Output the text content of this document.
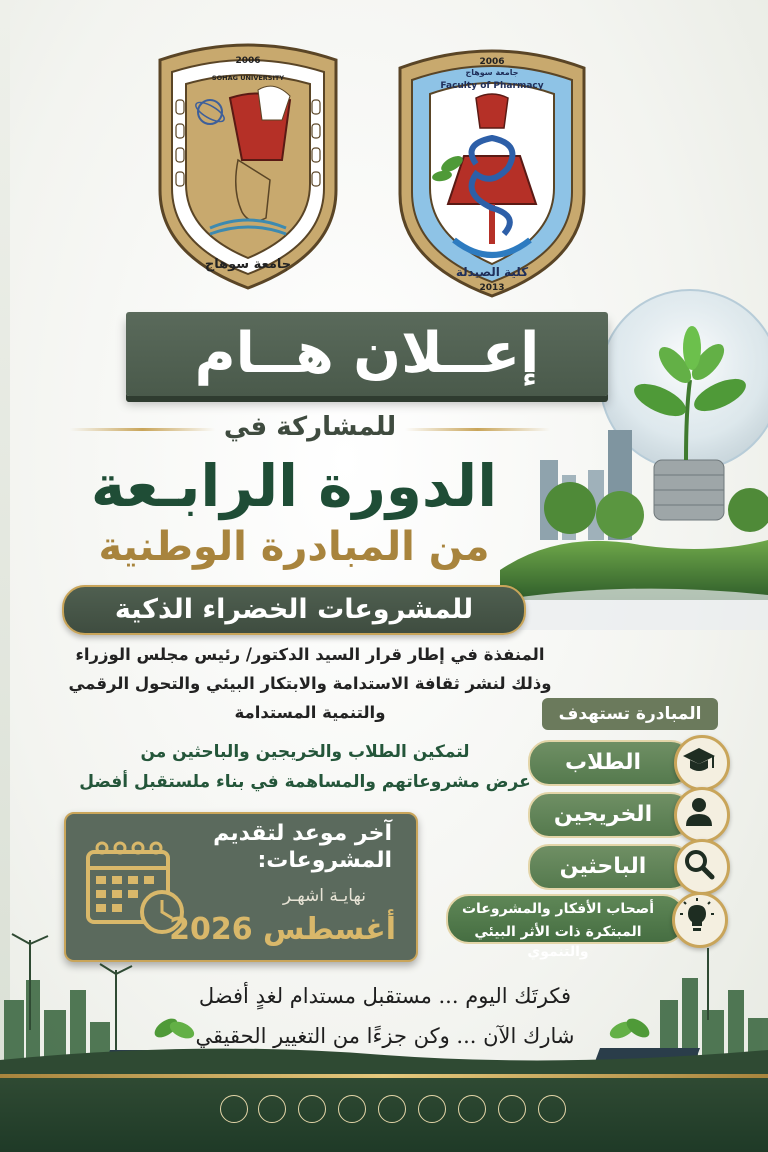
2006
SOHAG UNIVERSITY
جامعة سوهاج
2006
Faculty of Pharmacy
جامعة سوهاج
كلية الصيدلة
2013
إعــلان هــام
للمشاركة في
الدورة الرابـعة
من المبادرة الوطنية
للمشروعات الخضراء الذكية
المنفذة في إطار قرار السيد الدكتور/ رئيس مجلس الوزراء
وذلك لنشر ثقافة الاستدامة والابتكار البيئي والتحول الرقمي
والتنمية المستدامة
لتمكين الطلاب والخريجين والباحثين من
عرض مشروعاتهم والمساهمة في بناء ملستقبل أفضل
آخر موعد لتقديم
المشروعات:
نهايـة اشهـر
أغسطس 2026
المبادرة تستهدف
الطلاب
الخريجين
الباحثين
أصحاب الأفكار والمشروعات
المبتكرة ذات الأثر البيئي والتنموي
فكرتَك اليوم ... مستقبل مستدام لغدٍ أفضل
شارك الآن ... وكن جزءًا من التغيير الحقيقي
